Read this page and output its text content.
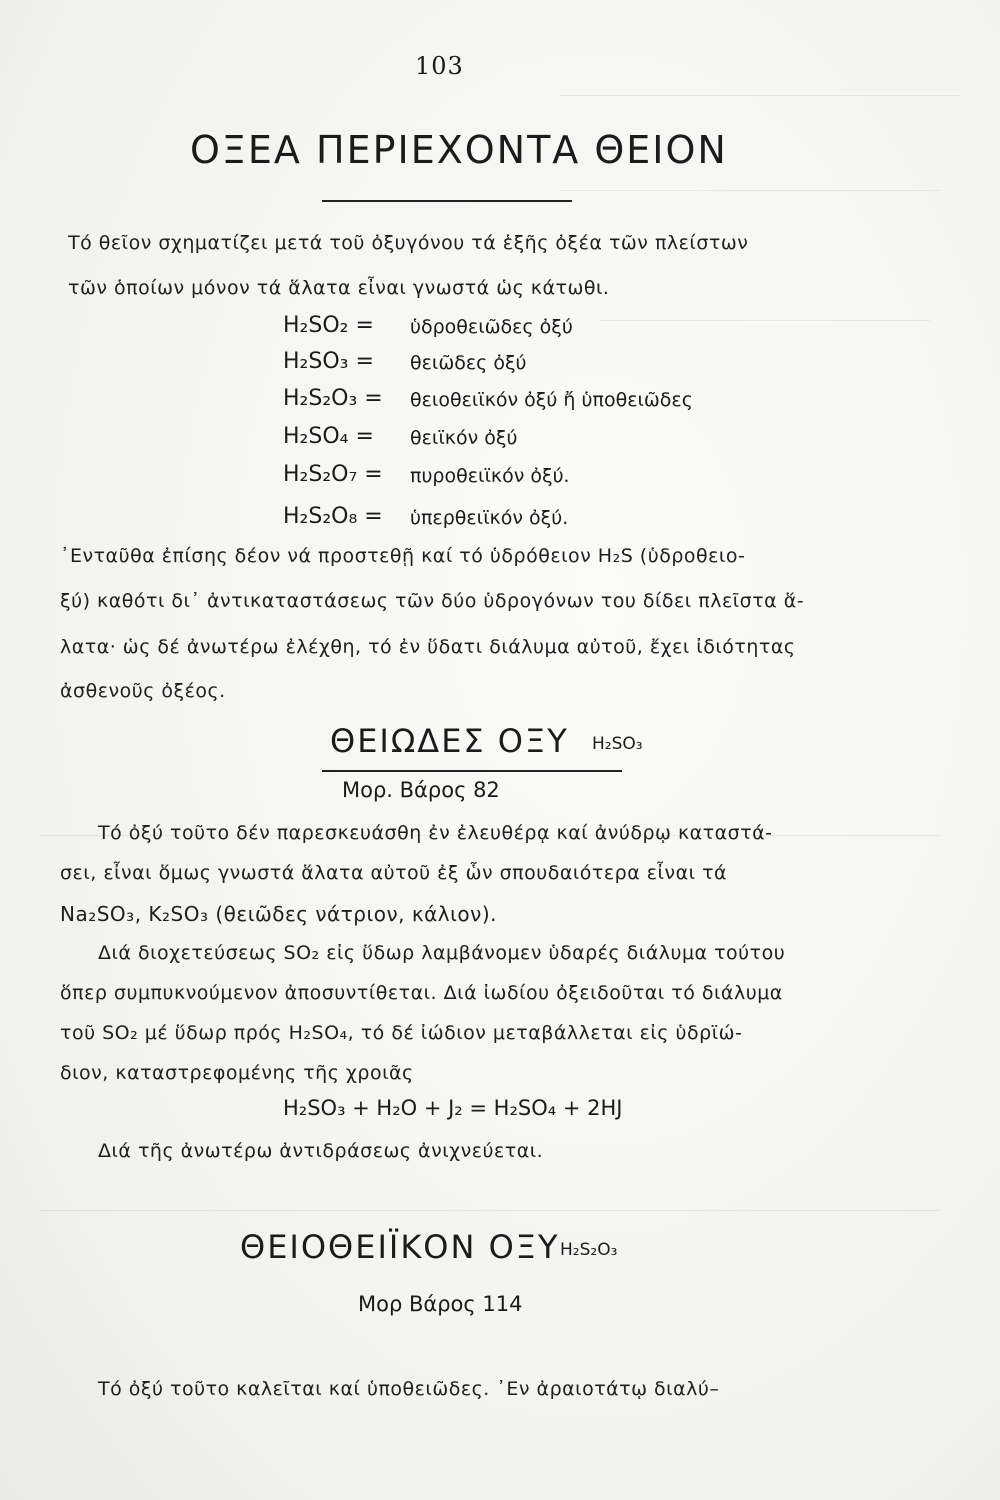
103
ΟΞΕΑ ΠΕΡΙΕΧΟΝΤΑ ΘΕΙΟΝ
Τό θεῖον σχηματίζει μετά τοῦ ὀξυγόνου τά ἑξῆς ὀξέα τῶν πλείστων
τῶν ὁποίων μόνον τά ἅλατα εἶναι γνωστά ὡς κάτωθι.
H₂SO₂ = ὑδροθειῶδες ὀξύ
H₂SO₃ = θειῶδες ὀξύ
H₂S₂O₃ = θειοθειϊκόν ὀξύ ἤ ὑποθειῶδες
H₂SO₄ = θειϊκόν ὀξύ
H₂S₂O₇ = πυροθειϊκόν ὀξύ.
H₂S₂O₈ = ὑπερθειϊκόν ὀξύ.
᾿Ενταῦθα ἐπίσης δέον νά προστεθῇ καί τό ὑδρόθειον H₂S (ὑδροθειο-
ξύ) καθότι δι᾿ ἀντικαταστάσεως τῶν δύο ὑδρογόνων του δίδει πλεῖστα ἅ-
λατα· ὡς δέ ἀνωτέρω ἐλέχθη, τό ἐν ὕδατι διάλυμα αὐτοῦ, ἔχει ἰδιότητας
ἀσθενοῦς ὀξέος.
ΘΕΙΩΔΕΣ ΟΞΥ H₂SO₃
Μορ. Βάρος 82
Τό ὀξύ τοῦτο δέν παρεσκευάσθη ἐν ἐλευθέρᾳ καί ἀνύδρῳ καταστά-
σει, εἶναι ὅμως γνωστά ἅλατα αὐτοῦ ἐξ ὧν σπουδαιότερα εἶναι τά
Na₂SO₃, K₂SO₃ (θειῶδες νάτριον, κάλιον).
Διά διοχετεύσεως SO₂ εἰς ὕδωρ λαμβάνομεν ὑδαρές διάλυμα τούτου
ὅπερ συμπυκνούμενον ἀποσυντίθεται. Διά ἰωδίου ὀξειδοῦται τό διάλυμα
τοῦ SO₂ μέ ὕδωρ πρός H₂SO₄, τό δέ ἰώδιον μεταβάλλεται εἰς ὑδρϊώ-
διον, καταστρεφομένης τῆς χροιᾶς
H₂SO₃ + H₂O + J₂ = H₂SO₄ + 2HJ
Διά τῆς ἀνωτέρω ἀντιδράσεως ἀνιχνεύεται.
ΘΕΙΟΘΕΙΪΚΟΝ ΟΞΥ H₂S₂O₃
Μορ Βάρος 114
Τό ὀξύ τοῦτο καλεῖται καί ὑποθειῶδες. ᾿Εν ἀραιοτάτῳ διαλύ–
